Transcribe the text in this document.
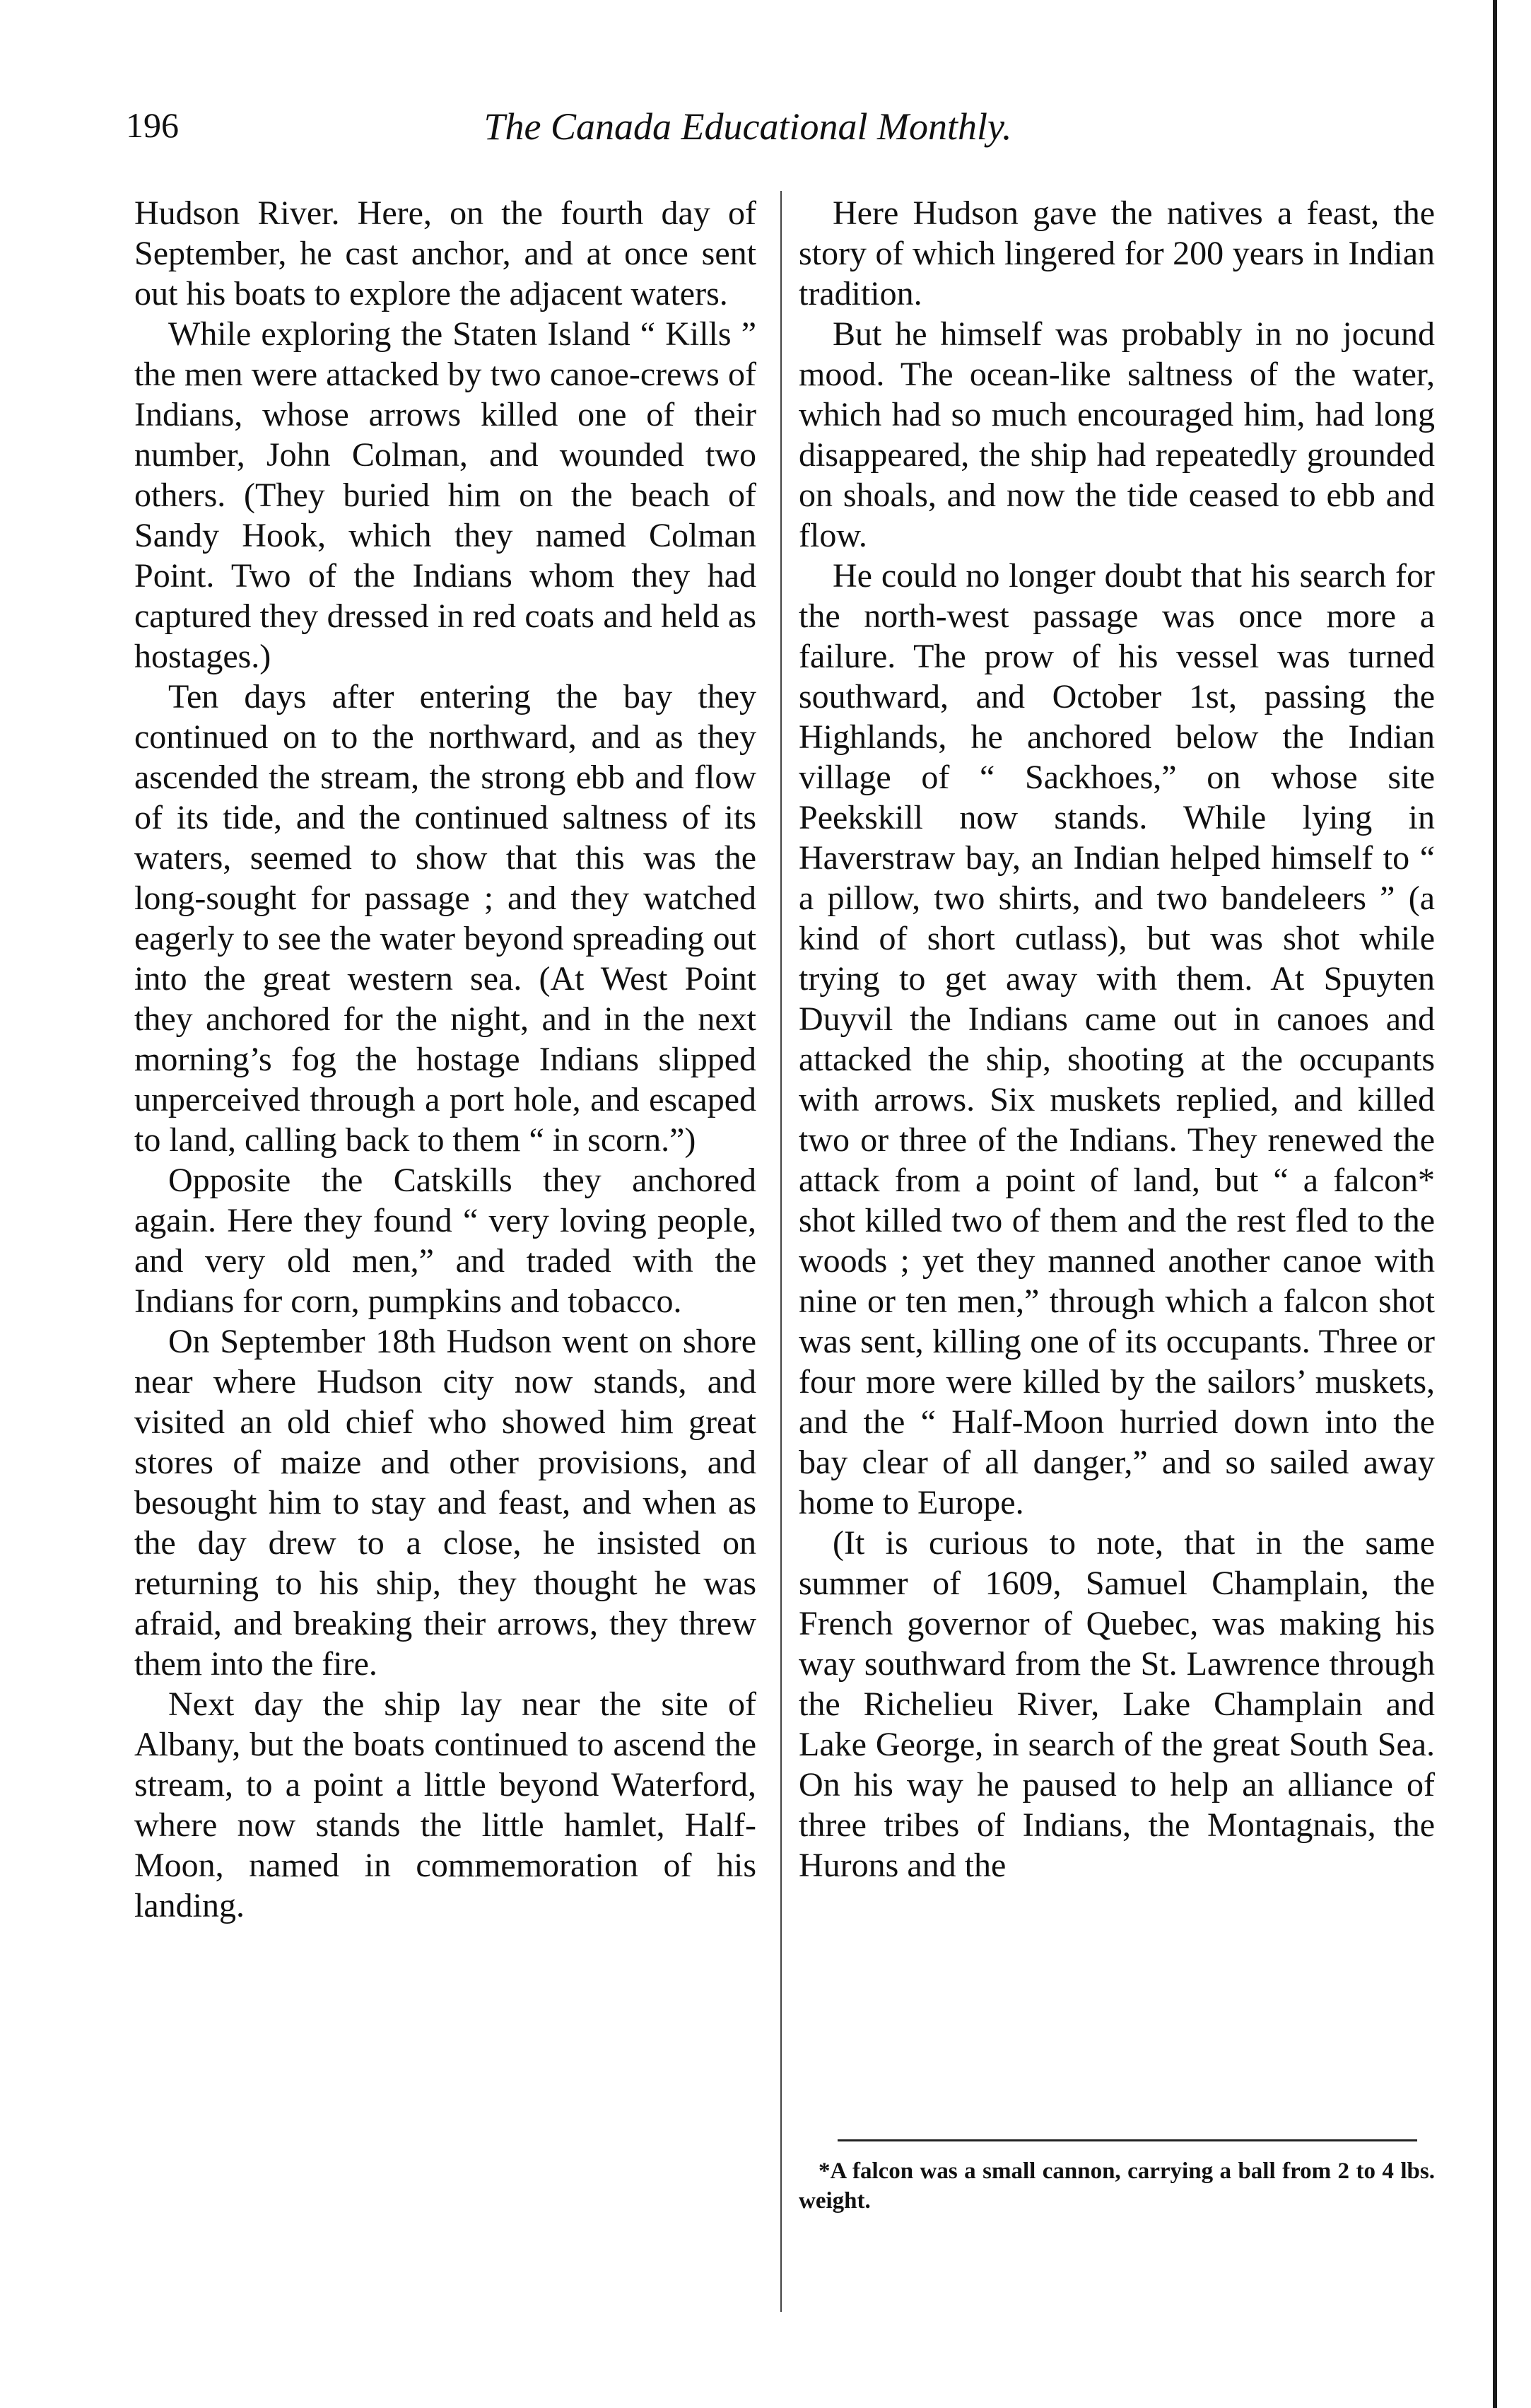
196	The Canada Educational Monthly.

Hudson River. Here, on the fourth day of September, he cast anchor, and at once sent out his boats to explore the adjacent waters.

While exploring the Staten Island “ Kills ” the men were attacked by two canoe-crews of Indians, whose arrows killed one of their number, John Colman, and wounded two others. (They buried him on the beach of Sandy Hook, which they named Colman Point. Two of the Indians whom they had captured they dressed in red coats and held as hostages.)

Ten days after entering the bay they continued on to the northward, and as they ascended the stream, the strong ebb and flow of its tide, and the continued saltness of its waters, seemed to show that this was the long-sought for passage ; and they watched eagerly to see the water beyond spreading out into the great western sea. (At West Point they anchored for the night, and in the next morning’s fog the hostage Indians slipped unperceived through a port hole, and escaped to land, calling back to them “ in scorn.”)

Opposite the Catskills they anchored again. Here they found “ very loving people, and very old men,” and traded with the Indians for corn, pumpkins and tobacco.

On September 18th Hudson went on shore near where Hudson city now stands, and visited an old chief who showed him great stores of maize and other provisions, and besought him to stay and feast, and when as the day drew to a close, he insisted on returning to his ship, they thought he was afraid, and breaking their arrows, they threw them into the fire.

Next day the ship lay near the site of Albany, but the boats continued to ascend the stream, to a point a little beyond Waterford, where now stands the little hamlet, Half-Moon, named in commemoration of his landing.

Here Hudson gave the natives a feast, the story of which lingered for 200 years in Indian tradition.

But he himself was probably in no jocund mood. The ocean-like saltness of the water, which had so much encouraged him, had long disappeared, the ship had repeatedly grounded on shoals, and now the tide ceased to ebb and flow.

He could no longer doubt that his search for the north-west passage was once more a failure. The prow of his vessel was turned southward, and October 1st, passing the Highlands, he anchored below the Indian village of “ Sackhoes,” on whose site Peekskill now stands. While lying in Haverstraw bay, an Indian helped himself to “ a pillow, two shirts, and two bandeleers ” (a kind of short cutlass), but was shot while trying to get away with them. At Spuyten Duyvil the Indians came out in canoes and attacked the ship, shooting at the occupants with arrows. Six muskets replied, and killed two or three of the Indians. They renewed the attack from a point of land, but “ a falcon* shot killed two of them and the rest fled to the woods ; yet they manned another canoe with nine or ten men,” through which a falcon shot was sent, killing one of its occupants. Three or four more were killed by the sailors’ muskets, and the “ Half-Moon hurried down into the bay clear of all danger,” and so sailed away home to Europe.

(It is curious to note, that in the same summer of 1609, Samuel Champlain, the French governor of Quebec, was making his way southward from the St. Lawrence through the Richelieu River, Lake Champlain and Lake George, in search of the great South Sea. On his way he paused to help an alliance of three tribes of Indians, the Montagnais, the Hurons and the

*A falcon was a small cannon, carrying a ball from 2 to 4 lbs. weight.
